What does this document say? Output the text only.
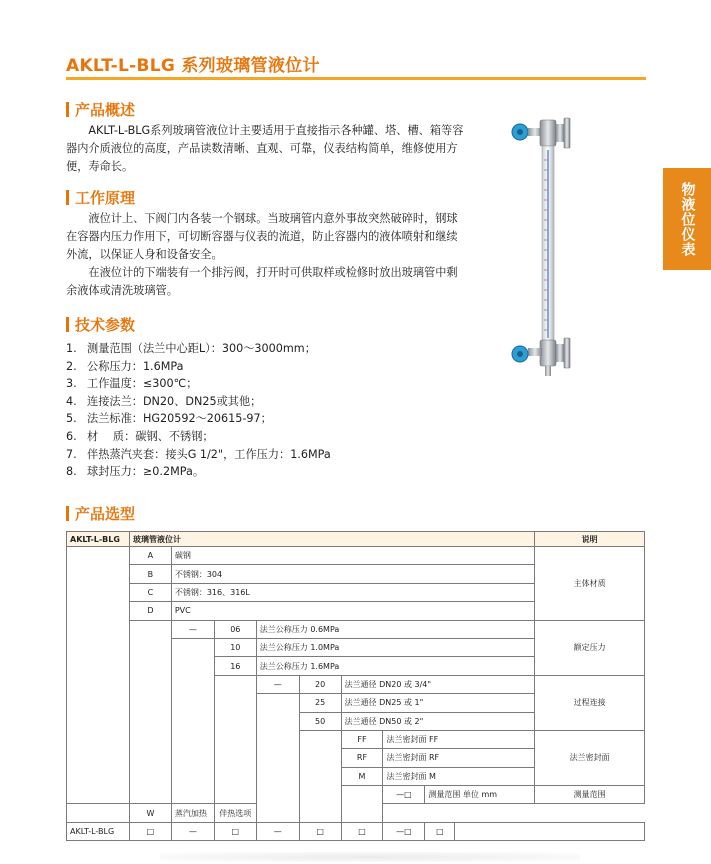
AKLT-L-BLG 系列玻璃管液位计
物液位仪表
产品概述

AKLT-L-BLG系列玻璃管液位计主要适用于直接指示各种罐、塔、槽、箱等容器内介质液位的高度，产品读数清晰、直观、可靠，仪表结构简单，维修使用方便，寿命长。

工作原理

液位计上、下阀门内各装一个钢球。当玻璃管内意外事故突然破碎时，钢球在容器内压力作用下，可切断容器与仪表的流道，防止容器内的液体喷射和继续外流，以保证人身和设备安全。

在液位计的下端装有一个排污阀，打开时可供取样或检修时放出玻璃管中剩余液体或清洗玻璃管。

技术参数
1. 测量范围（法兰中心距L）：300～3000mm；
2. 公称压力：1.6MPa
3. 工作温度：≤300℃；
4. 连接法兰：DN20、DN25或其他；
5. 法兰标准：HG20592～20615-97；
6. 材　 质：碳钢、不锈钢；
7. 伴热蒸汽夹套：接头G 1/2"，工作压力：1.6MPa
8. 球封压力：≥0.2MPa。
产品选型
AKLT-L-BLG	玻璃管液位计									说明
	A	碳钢								主体材质
	B	不锈钢：304								
	C	不锈钢：316、316L								
	D	PVC								
		—	06	法兰公称压力 0.6MPa						额定压力
			10	法兰公称压力 1.0MPa						
			16	法兰公称压力 1.6MPa						
				—	20	法兰通径 DN20 或 3/4"				过程连接
					25	法兰通径 DN25 或 1"				
					50	法兰通径 DN50 或 2"				
						FF	法兰密封面 FF			法兰密封面
						RF	法兰密封面 RF			
						M	法兰密封面 M			
							—□	测量范围 单位 mm		测量范围
	W	蒸汽加热	伴热选项							
AKLT-L-BLG	□	—	□	—	□	□	—□	□		
